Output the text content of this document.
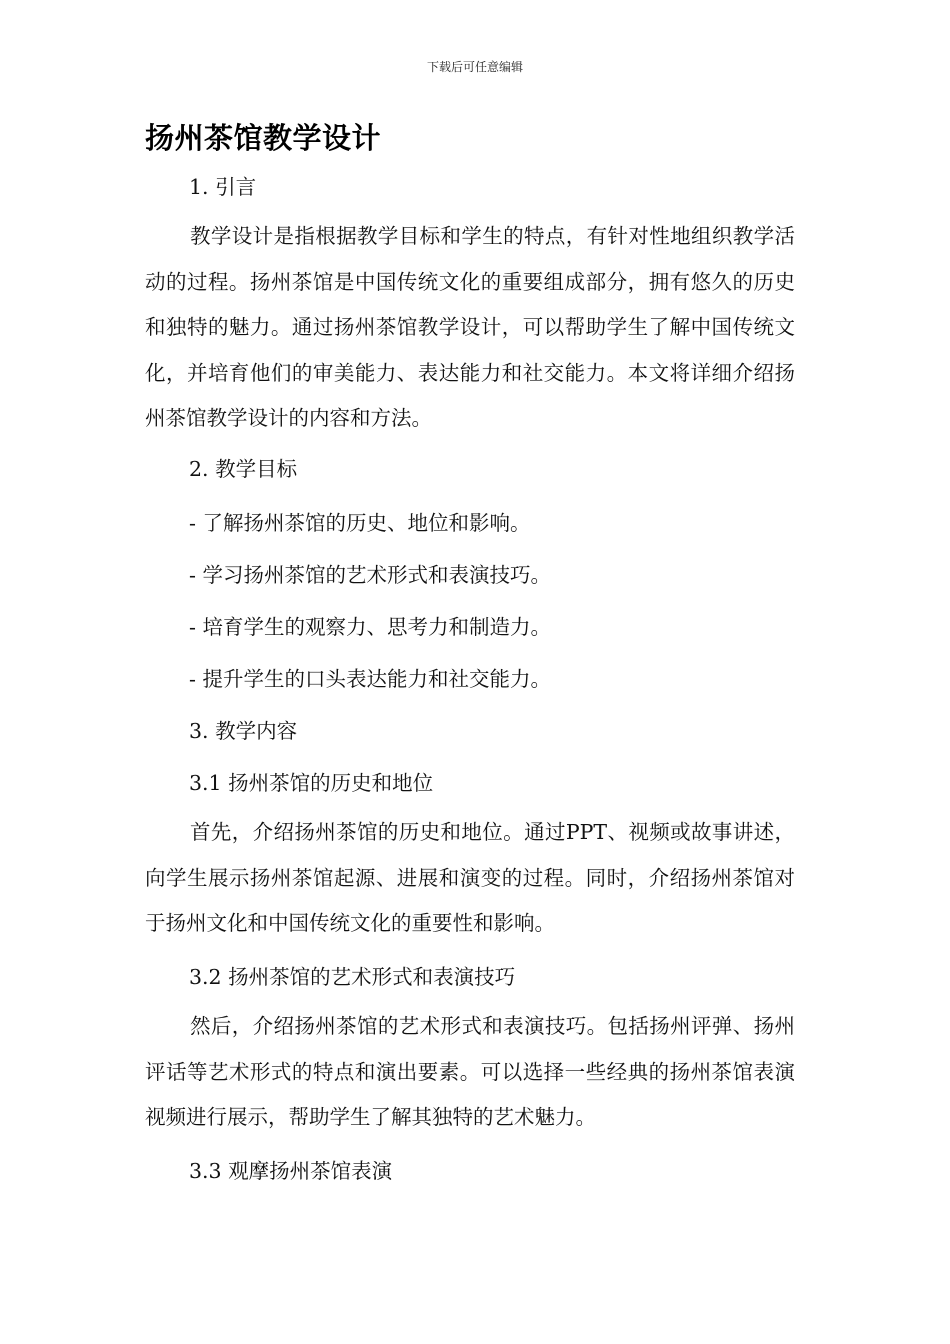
下载后可任意编辑
扬州茶馆教学设计

1. 引言

教学设计是指根据教学目标和学生的特点，有针对性地组织教学活动的过程。扬州茶馆是中国传统文化的重要组成部分，拥有悠久的历史和独特的魅力。通过扬州茶馆教学设计，可以帮助学生了解中国传统文化，并培育他们的审美能力、表达能力和社交能力。本文将详细介绍扬州茶馆教学设计的内容和方法。

2. 教学目标

- 了解扬州茶馆的历史、地位和影响。

- 学习扬州茶馆的艺术形式和表演技巧。

- 培育学生的观察力、思考力和制造力。

- 提升学生的口头表达能力和社交能力。

3. 教学内容

3.1 扬州茶馆的历史和地位

首先，介绍扬州茶馆的历史和地位。通过PPT、视频或故事讲述，向学生展示扬州茶馆起源、进展和演变的过程。同时，介绍扬州茶馆对于扬州文化和中国传统文化的重要性和影响。

3.2 扬州茶馆的艺术形式和表演技巧

然后，介绍扬州茶馆的艺术形式和表演技巧。包括扬州评弹、扬州评话等艺术形式的特点和演出要素。可以选择一些经典的扬州茶馆表演视频进行展示，帮助学生了解其独特的艺术魅力。

3.3 观摩扬州茶馆表演
